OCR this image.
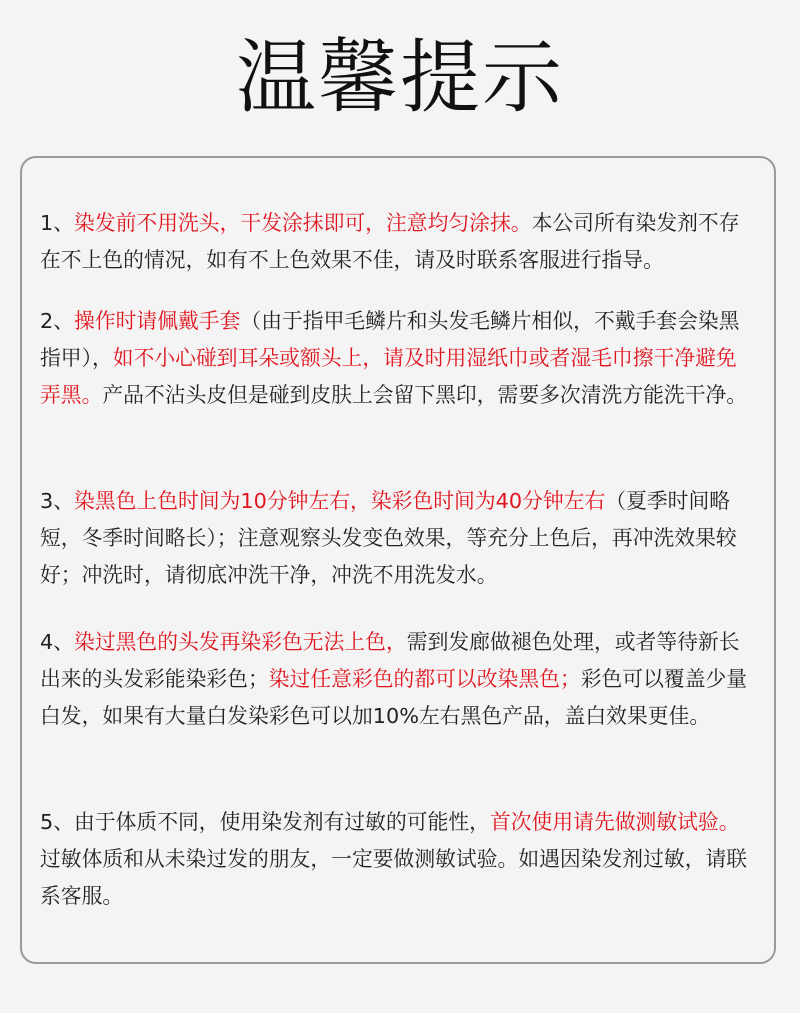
温馨提示

1、染发前不用洗头，干发涂抹即可，注意均匀涂抹。本公司所有染发剂不存在不上色的情况，如有不上色效果不佳，请及时联系客服进行指导。

2、操作时请佩戴手套（由于指甲毛鳞片和头发毛鳞片相似，不戴手套会染黑指甲），如不小心碰到耳朵或额头上，请及时用湿纸巾或者湿毛巾擦干净避免弄黑。产品不沾头皮但是碰到皮肤上会留下黑印，需要多次清洗方能洗干净。

3、染黑色上色时间为10分钟左右，染彩色时间为40分钟左右（夏季时间略短，冬季时间略长）；注意观察头发变色效果，等充分上色后，再冲洗效果较好；冲洗时，请彻底冲洗干净，冲洗不用洗发水。

4、染过黑色的头发再染彩色无法上色，需到发廊做褪色处理，或者等待新长出来的头发彩能染彩色；染过任意彩色的都可以改染黑色；彩色可以覆盖少量白发，如果有大量白发染彩色可以加10%左右黑色产品，盖白效果更佳。

5、由于体质不同，使用染发剂有过敏的可能性，首次使用请先做测敏试验。过敏体质和从未染过发的朋友，一定要做测敏试验。如遇因染发剂过敏，请联系客服。
